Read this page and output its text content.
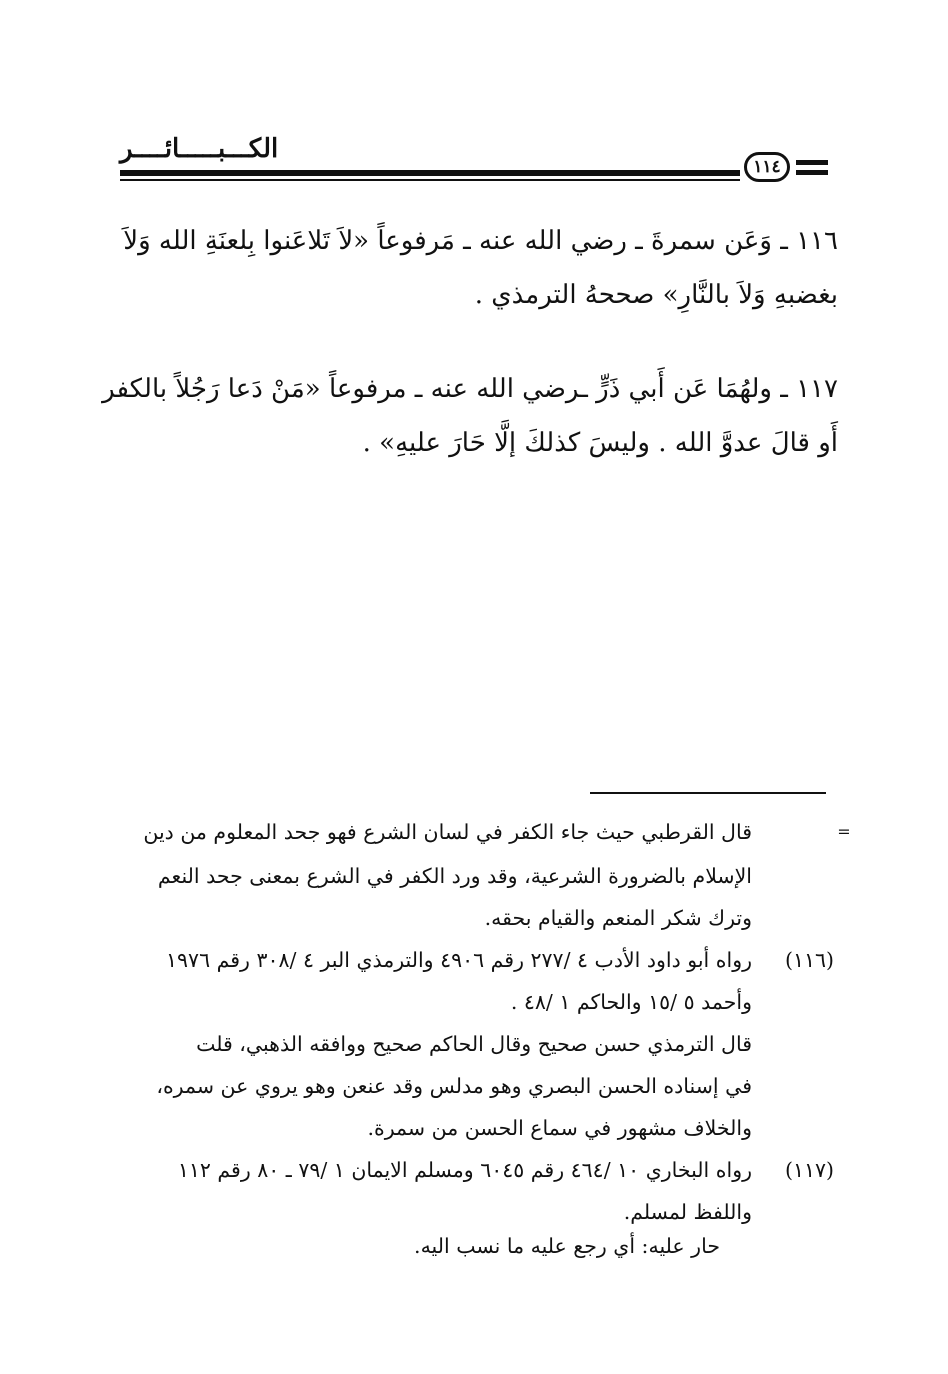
الكـــبـــــائــــر
١١٤
١١٦ ـ وَعَن سمرةَ ـ رضي الله عنه ـ مَرفوعاً «لاَ تَلاعَنوا بِلعنَةِ الله وَلاَ
بغضبهِ وَلاَ بالنَّارِ» صححهُ الترمذي .
١١٧ ـ ولهُمَا عَن أَبي ذَرٍّ ـرضي الله عنه ـ مرفوعاً «مَنْ دَعا رَجُلاً بالكفر
أَو قالَ عدوَّ الله . وليسَ كذلكَ إلَّا حَارَ عليهِ» .
=
قال القرطبي حيث جاء الكفر في لسان الشرع فهو جحد المعلوم من دين
الإسلام بالضرورة الشرعية، وقد ورد الكفر في الشرع بمعنى جحد النعم
وترك شكر المنعم والقيام بحقه.
(١١٦)
رواه أبو داود الأدب ٤ /٢٧٧ رقم ٤٩٠٦ والترمذي البر ٤ /٣٠٨ رقم ١٩٧٦
وأحمد ٥ /١٥ والحاكم ١ /٤٨ .
قال الترمذي حسن صحيح وقال الحاكم صحيح ووافقه الذهبي، قلت
في إسناده الحسن البصري وهو مدلس وقد عنعن وهو يروي عن سمره،
والخلاف مشهور في سماع الحسن من سمرة.
(١١٧)
رواه البخاري ١٠ /٤٦٤ رقم ٦٠٤٥ ومسلم الايمان ١ /٧٩ ـ ٨٠ رقم ١١٢
واللفظ لمسلم.
حار عليه: أي رجع عليه ما نسب اليه.
